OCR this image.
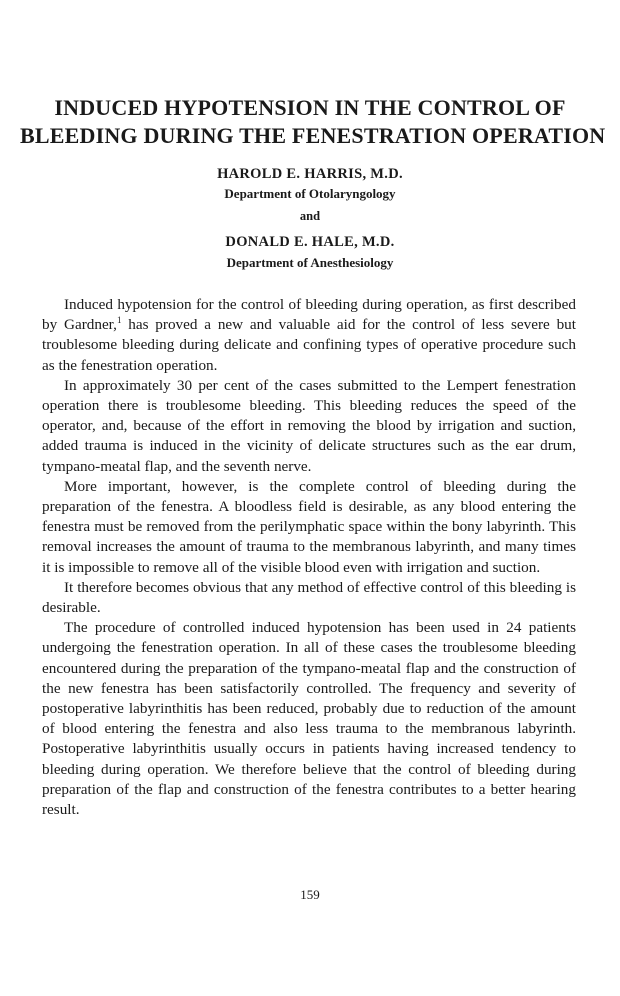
INDUCED HYPOTENSION IN THE CONTROL OF
BLEEDING DURING THE FENESTRATION OPERATION
HAROLD E. HARRIS, M.D.
Department of Otolaryngology
and
DONALD E. HALE, M.D.
Department of Anesthesiology

Induced hypotension for the control of bleeding during operation, as first described by Gardner,$^1$ has proved a new and valuable aid for the control of less severe but troublesome bleeding during delicate and confining types of operative procedure such as the fenestration operation.

In approximately 30 per cent of the cases submitted to the Lempert fenestration operation there is troublesome bleeding. This bleeding reduces the speed of the operator, and, because of the effort in removing the blood by irrigation and suction, added trauma is induced in the vicinity of delicate structures such as the ear drum, tympano-meatal flap, and the seventh nerve.

More important, however, is the complete control of bleeding during the preparation of the fenestra. A bloodless field is desirable, as any blood entering the fenestra must be removed from the perilymphatic space within the bony labyrinth. This removal increases the amount of trauma to the membranous labyrinth, and many times it is impossible to remove all of the visible blood even with irrigation and suction.

It therefore becomes obvious that any method of effective control of this bleeding is desirable.

The procedure of controlled induced hypotension has been used in 24 patients undergoing the fenestration operation. In all of these cases the troublesome bleeding encountered during the preparation of the tympano-meatal flap and the construction of the new fenestra has been satisfactorily controlled. The frequency and severity of postoperative labyrinthitis has been reduced, probably due to reduction of the amount of blood entering the fenestra and also less trauma to the membranous labyrinth. Postoperative labyrinthitis usually occurs in patients having increased tendency to bleeding during operation. We therefore believe that the control of bleeding during preparation of the flap and construction of the fenestra contributes to a better hearing result.

159
